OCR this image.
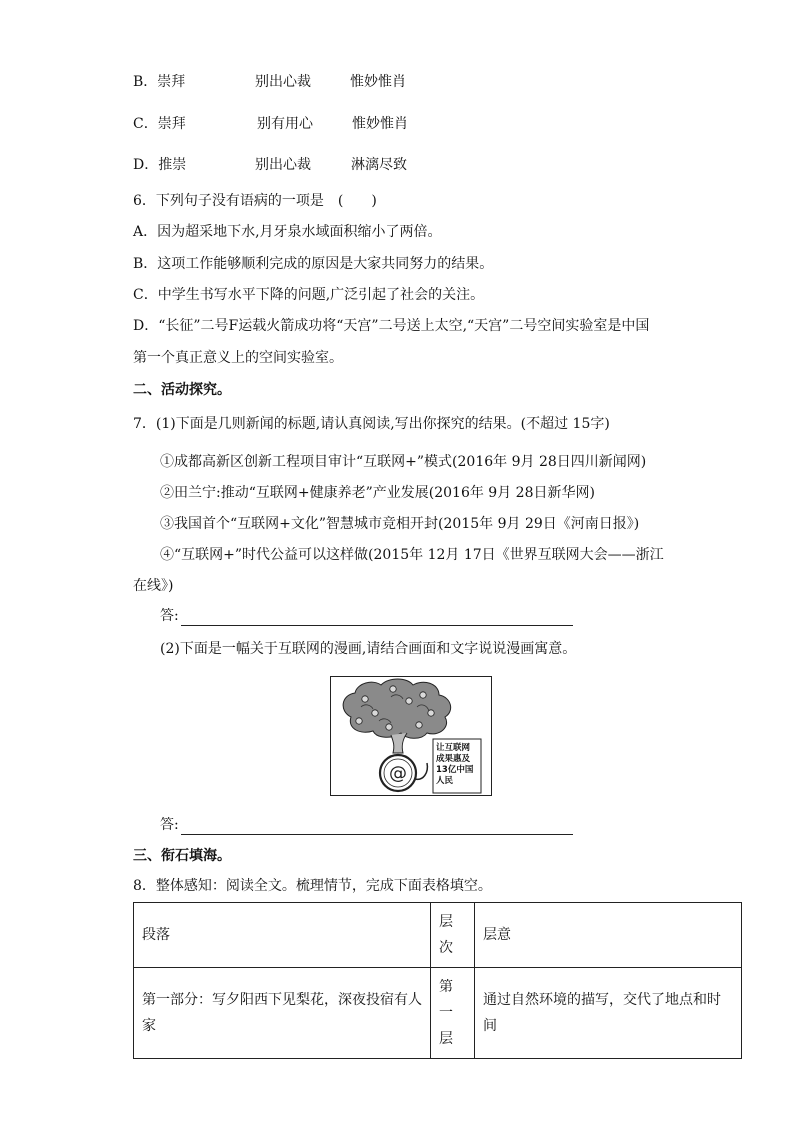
B．崇拜	别出心裁	惟妙惟肖
C．崇拜	别有用心	惟妙惟肖
D．推崇	别出心裁	淋漓尽致
6．下列句子没有语病的一项是　(　　)
A．因为超采地下水,月牙泉水域面积缩小了两倍。
B．这项工作能够顺利完成的原因是大家共同努力的结果。
C．中学生书写水平下降的问题,广泛引起了社会的关注。
D．“长征”二号F运载火箭成功将“天宫”二号送上太空,“天宫”二号空间实验室是中国
第一个真正意义上的空间实验室。
二、活动探究。
7．(1)下面是几则新闻的标题,请认真阅读,写出你探究的结果。(不超过 15字)
①成都高新区创新工程项目审计“互联网+”模式(2016年 9月 28日四川新闻网)
②田兰宁:推动“互联网+健康养老”产业发展(2016年 9月 28日新华网)
③我国首个“互联网+文化”智慧城市竞相开封(2015年 9月 29日《河南日报》)
④“互联网+”时代公益可以这样做(2015年 12月 17日《世界互联网大会——浙江
在线》)
答:
(2)下面是一幅关于互联网的漫画,请结合画面和文字说说漫画寓意。
@
让互联网
成果惠及
13亿中国
人民
答:
三、衔石填海。
8．整体感知：阅读全文。梳理情节，完成下面表格填空。
段落	层次	层意
第一部分：写夕阳西下见梨花，深夜投宿有人家	第一层	通过自然环境的描写，交代了地点和时间
